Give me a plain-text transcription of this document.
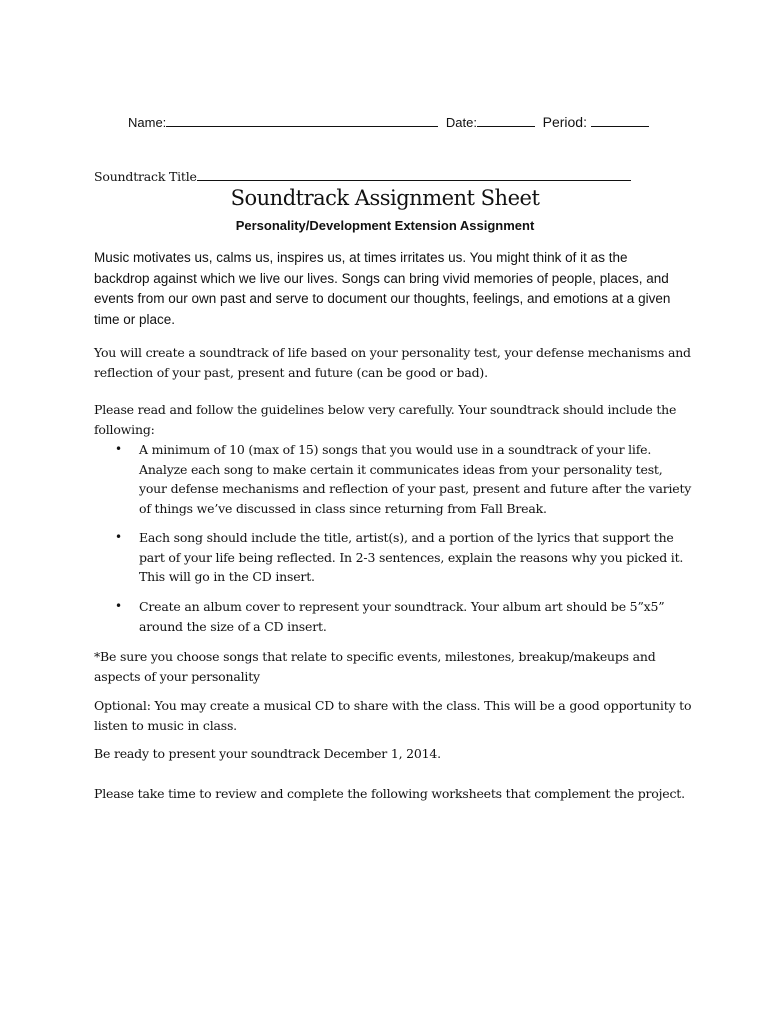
Name:	Date:	Period:
Soundtrack Title
Soundtrack Assignment Sheet
Personality/Development Extension Assignment

Music motivates us, calms us, inspires us, at times irritates us. You might think of it as the backdrop against which we live our lives. Songs can bring vivid memories of people, places, and events from our own past and serve to document our thoughts, feelings, and emotions at a given time or place.

You will create a soundtrack of life based on your personality test, your defense mechanisms and reflection of your past, present and future (can be good or bad).

Please read and follow the guidelines below very carefully. Your soundtrack should include the following:

• A minimum of 10 (max of 15) songs that you would use in a soundtrack of your life. Analyze each song to make certain it communicates ideas from your personality test, your defense mechanisms and reflection of your past, present and future after the variety of things we’ve discussed in class since returning from Fall Break.
• Each song should include the title, artist(s), and a portion of the lyrics that support the part of your life being reflected. In 2-3 sentences, explain the reasons why you picked it. This will go in the CD insert.
• Create an album cover to represent your soundtrack. Your album art should be 5”x5” around the size of a CD insert.

*Be sure you choose songs that relate to specific events, milestones, breakup/makeups and aspects of your personality

Optional: You may create a musical CD to share with the class. This will be a good opportunity to listen to music in class.

Be ready to present your soundtrack December 1, 2014.

Please take time to review and complete the following worksheets that complement the project.
